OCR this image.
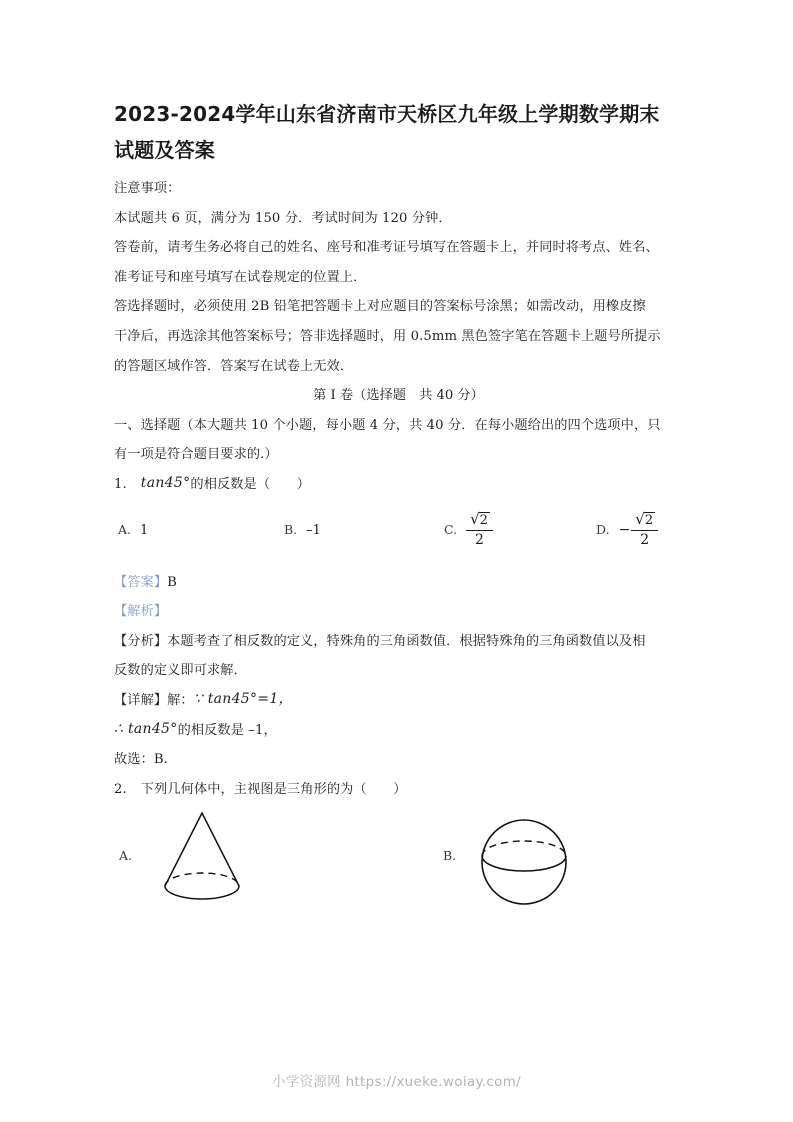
2023-2024学年山东省济南市天桥区九年级上学期数学期末试题及答案
注意事项：
本试题共 6 页，满分为 150 分．考试时间为 120 分钟．
答卷前，请考生务必将自己的姓名、座号和准考证号填写在答题卡上，并同时将考点、姓名、
准考证号和座号填写在试卷规定的位置上．
答选择题时，必须使用 2B 铅笔把答题卡上对应题目的答案标号涂黑；如需改动，用橡皮擦
干净后，再选涂其他答案标号；答非选择题时，用 0.5mm 黑色签字笔在答题卡上题号所提示
的答题区域作答．答案写在试卷上无效．
第 I 卷（选择题　共 40 分）
一、选择题（本大题共 10 个小题，每小题 4 分，共 40 分．在每小题给出的四个选项中，只
有一项是符合题目要求的.）
1. tan45°的相反数是（　　）
A. 1	B. –1	C. $\frac{√2}{2}$	D. − $\frac{√2}{2}$
【答案】B
【解析】
【分析】本题考查了相反数的定义，特殊角的三角函数值．根据特殊角的三角函数值以及相
反数的定义即可求解．
【详解】解：∵ tan45°=1，
∴ tan45°的相反数是 –1，
故选：B.
2. 下列几何体中，主视图是三角形的为（　　）
A.	B.
小学资源网 https://xueke.woiay.com/
